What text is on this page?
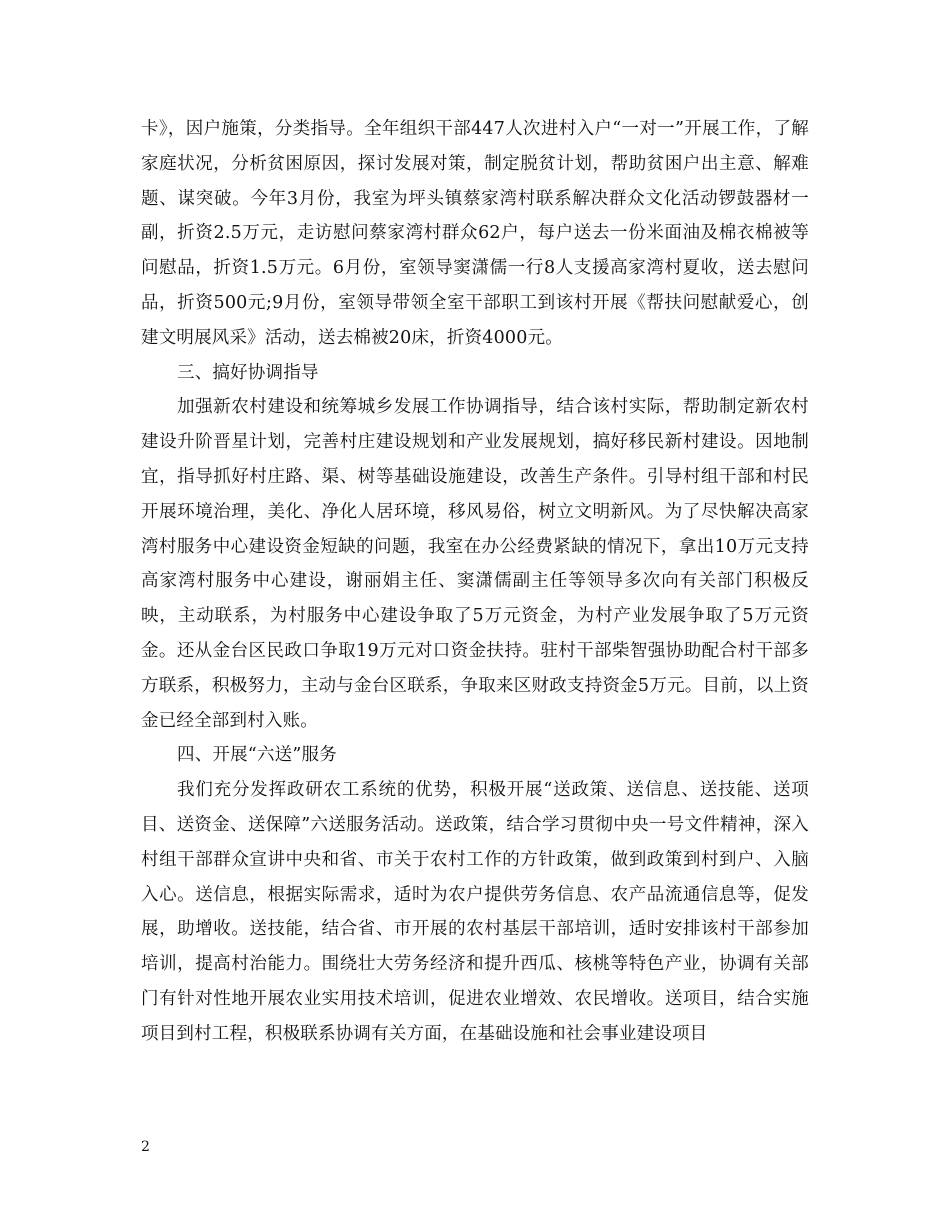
卡》，因户施策，分类指导。全年组织干部447人次进村入户“一对一”开展工作，了解家庭状况，分析贫困原因，探讨发展对策，制定脱贫计划，帮助贫困户出主意、解难题、谋突破。今年3月份，我室为坪头镇蔡家湾村联系解决群众文化活动锣鼓器材一副，折资2.5万元，走访慰问蔡家湾村群众62户，每户送去一份米面油及棉衣棉被等问慰品，折资1.5万元。6月份，室领导窦潇儒一行8人支援高家湾村夏收，送去慰问品，折资500元;9月份，室领导带领全室干部职工到该村开展《帮扶问慰献爱心，创建文明展风采》活动，送去棉被20床，折资4000元。

三、搞好协调指导

加强新农村建设和统筹城乡发展工作协调指导，结合该村实际，帮助制定新农村建设升阶晋星计划，完善村庄建设规划和产业发展规划，搞好移民新村建设。因地制宜，指导抓好村庄路、渠、树等基础设施建设，改善生产条件。引导村组干部和村民开展环境治理，美化、净化人居环境，移风易俗，树立文明新风。为了尽快解决高家湾村服务中心建设资金短缺的问题，我室在办公经费紧缺的情况下，拿出10万元支持高家湾村服务中心建设，谢丽娟主任、窦潇儒副主任等领导多次向有关部门积极反映，主动联系，为村服务中心建设争取了5万元资金，为村产业发展争取了5万元资金。还从金台区民政口争取19万元对口资金扶持。驻村干部柴智强协助配合村干部多方联系，积极努力，主动与金台区联系，争取来区财政支持资金5万元。目前，以上资金已经全部到村入账。

四、开展“六送”服务

我们充分发挥政研农工系统的优势，积极开展“送政策、送信息、送技能、送项目、送资金、送保障”六送服务活动。送政策，结合学习贯彻中央一号文件精神，深入村组干部群众宣讲中央和省、市关于农村工作的方针政策，做到政策到村到户、入脑入心。送信息，根据实际需求，适时为农户提供劳务信息、农产品流通信息等，促发展，助增收。送技能，结合省、市开展的农村基层干部培训，适时安排该村干部参加培训，提高村治能力。围绕壮大劳务经济和提升西瓜、核桃等特色产业，协调有关部门有针对性地开展农业实用技术培训，促进农业增效、农民增收。送项目，结合实施项目到村工程，积极联系协调有关方面，在基础设施和社会事业建设项目

2
